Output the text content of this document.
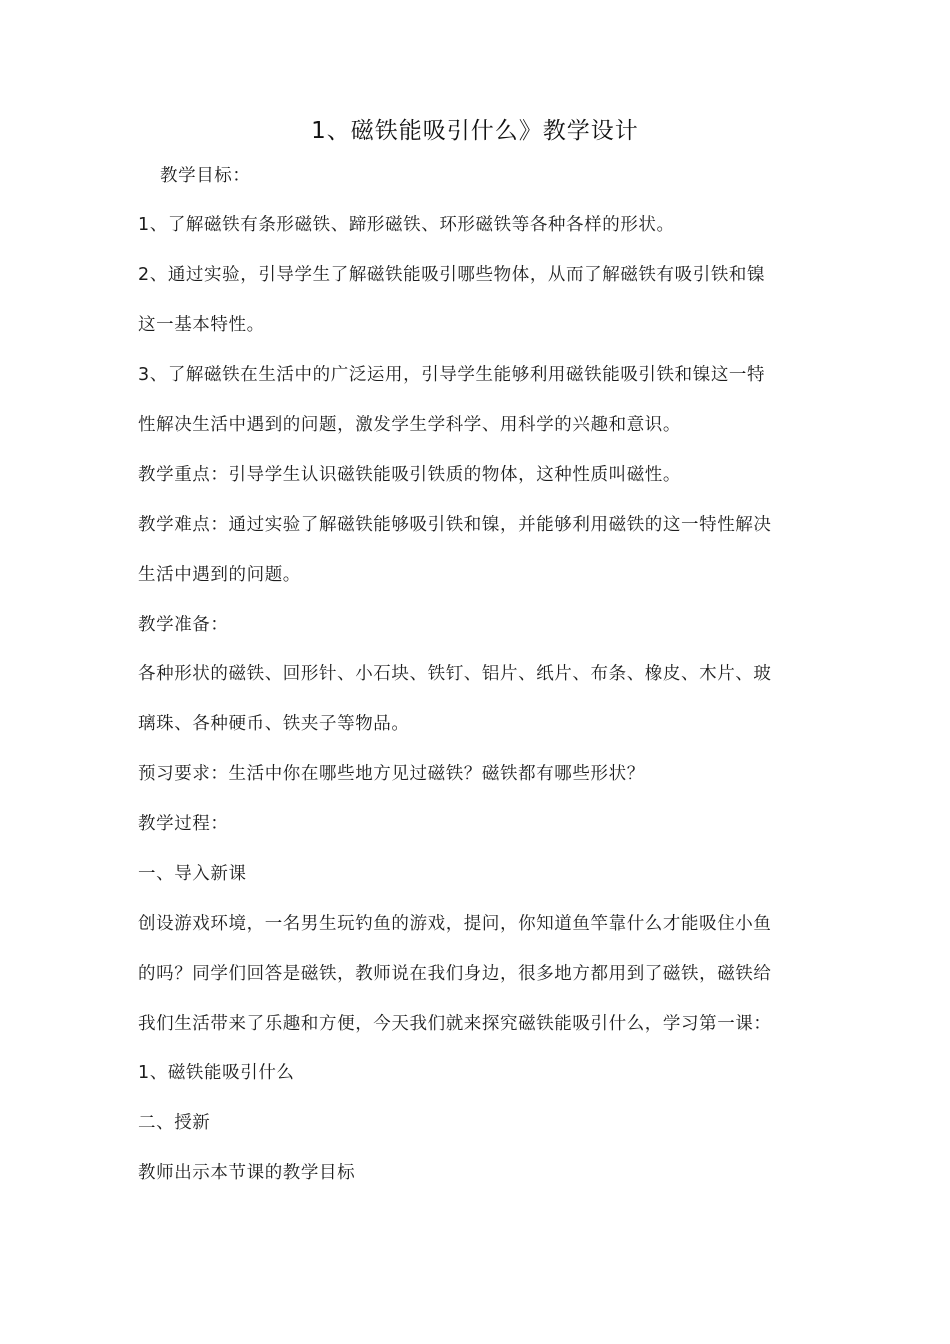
1、磁铁能吸引什么》教学设计
教学目标：
1、了解磁铁有条形磁铁、蹄形磁铁、环形磁铁等各种各样的形状。
2、通过实验，引导学生了解磁铁能吸引哪些物体，从而了解磁铁有吸引铁和镍
这一基本特性。
3、了解磁铁在生活中的广泛运用，引导学生能够利用磁铁能吸引铁和镍这一特
性解决生活中遇到的问题，激发学生学科学、用科学的兴趣和意识。
教学重点：引导学生认识磁铁能吸引铁质的物体，这种性质叫磁性。
教学难点：通过实验了解磁铁能够吸引铁和镍，并能够利用磁铁的这一特性解决
生活中遇到的问题。
教学准备：
各种形状的磁铁、回形针、小石块、铁钉、铝片、纸片、布条、橡皮、木片、玻
璃珠、各种硬币、铁夹子等物品。
预习要求：生活中你在哪些地方见过磁铁？磁铁都有哪些形状？
教学过程：
一、导入新课
创设游戏环境，一名男生玩钓鱼的游戏，提问，你知道鱼竿靠什么才能吸住小鱼
的吗？同学们回答是磁铁，教师说在我们身边，很多地方都用到了磁铁，磁铁给
我们生活带来了乐趣和方便，今天我们就来探究磁铁能吸引什么，学习第一课：
1、磁铁能吸引什么
二、授新
教师出示本节课的教学目标
